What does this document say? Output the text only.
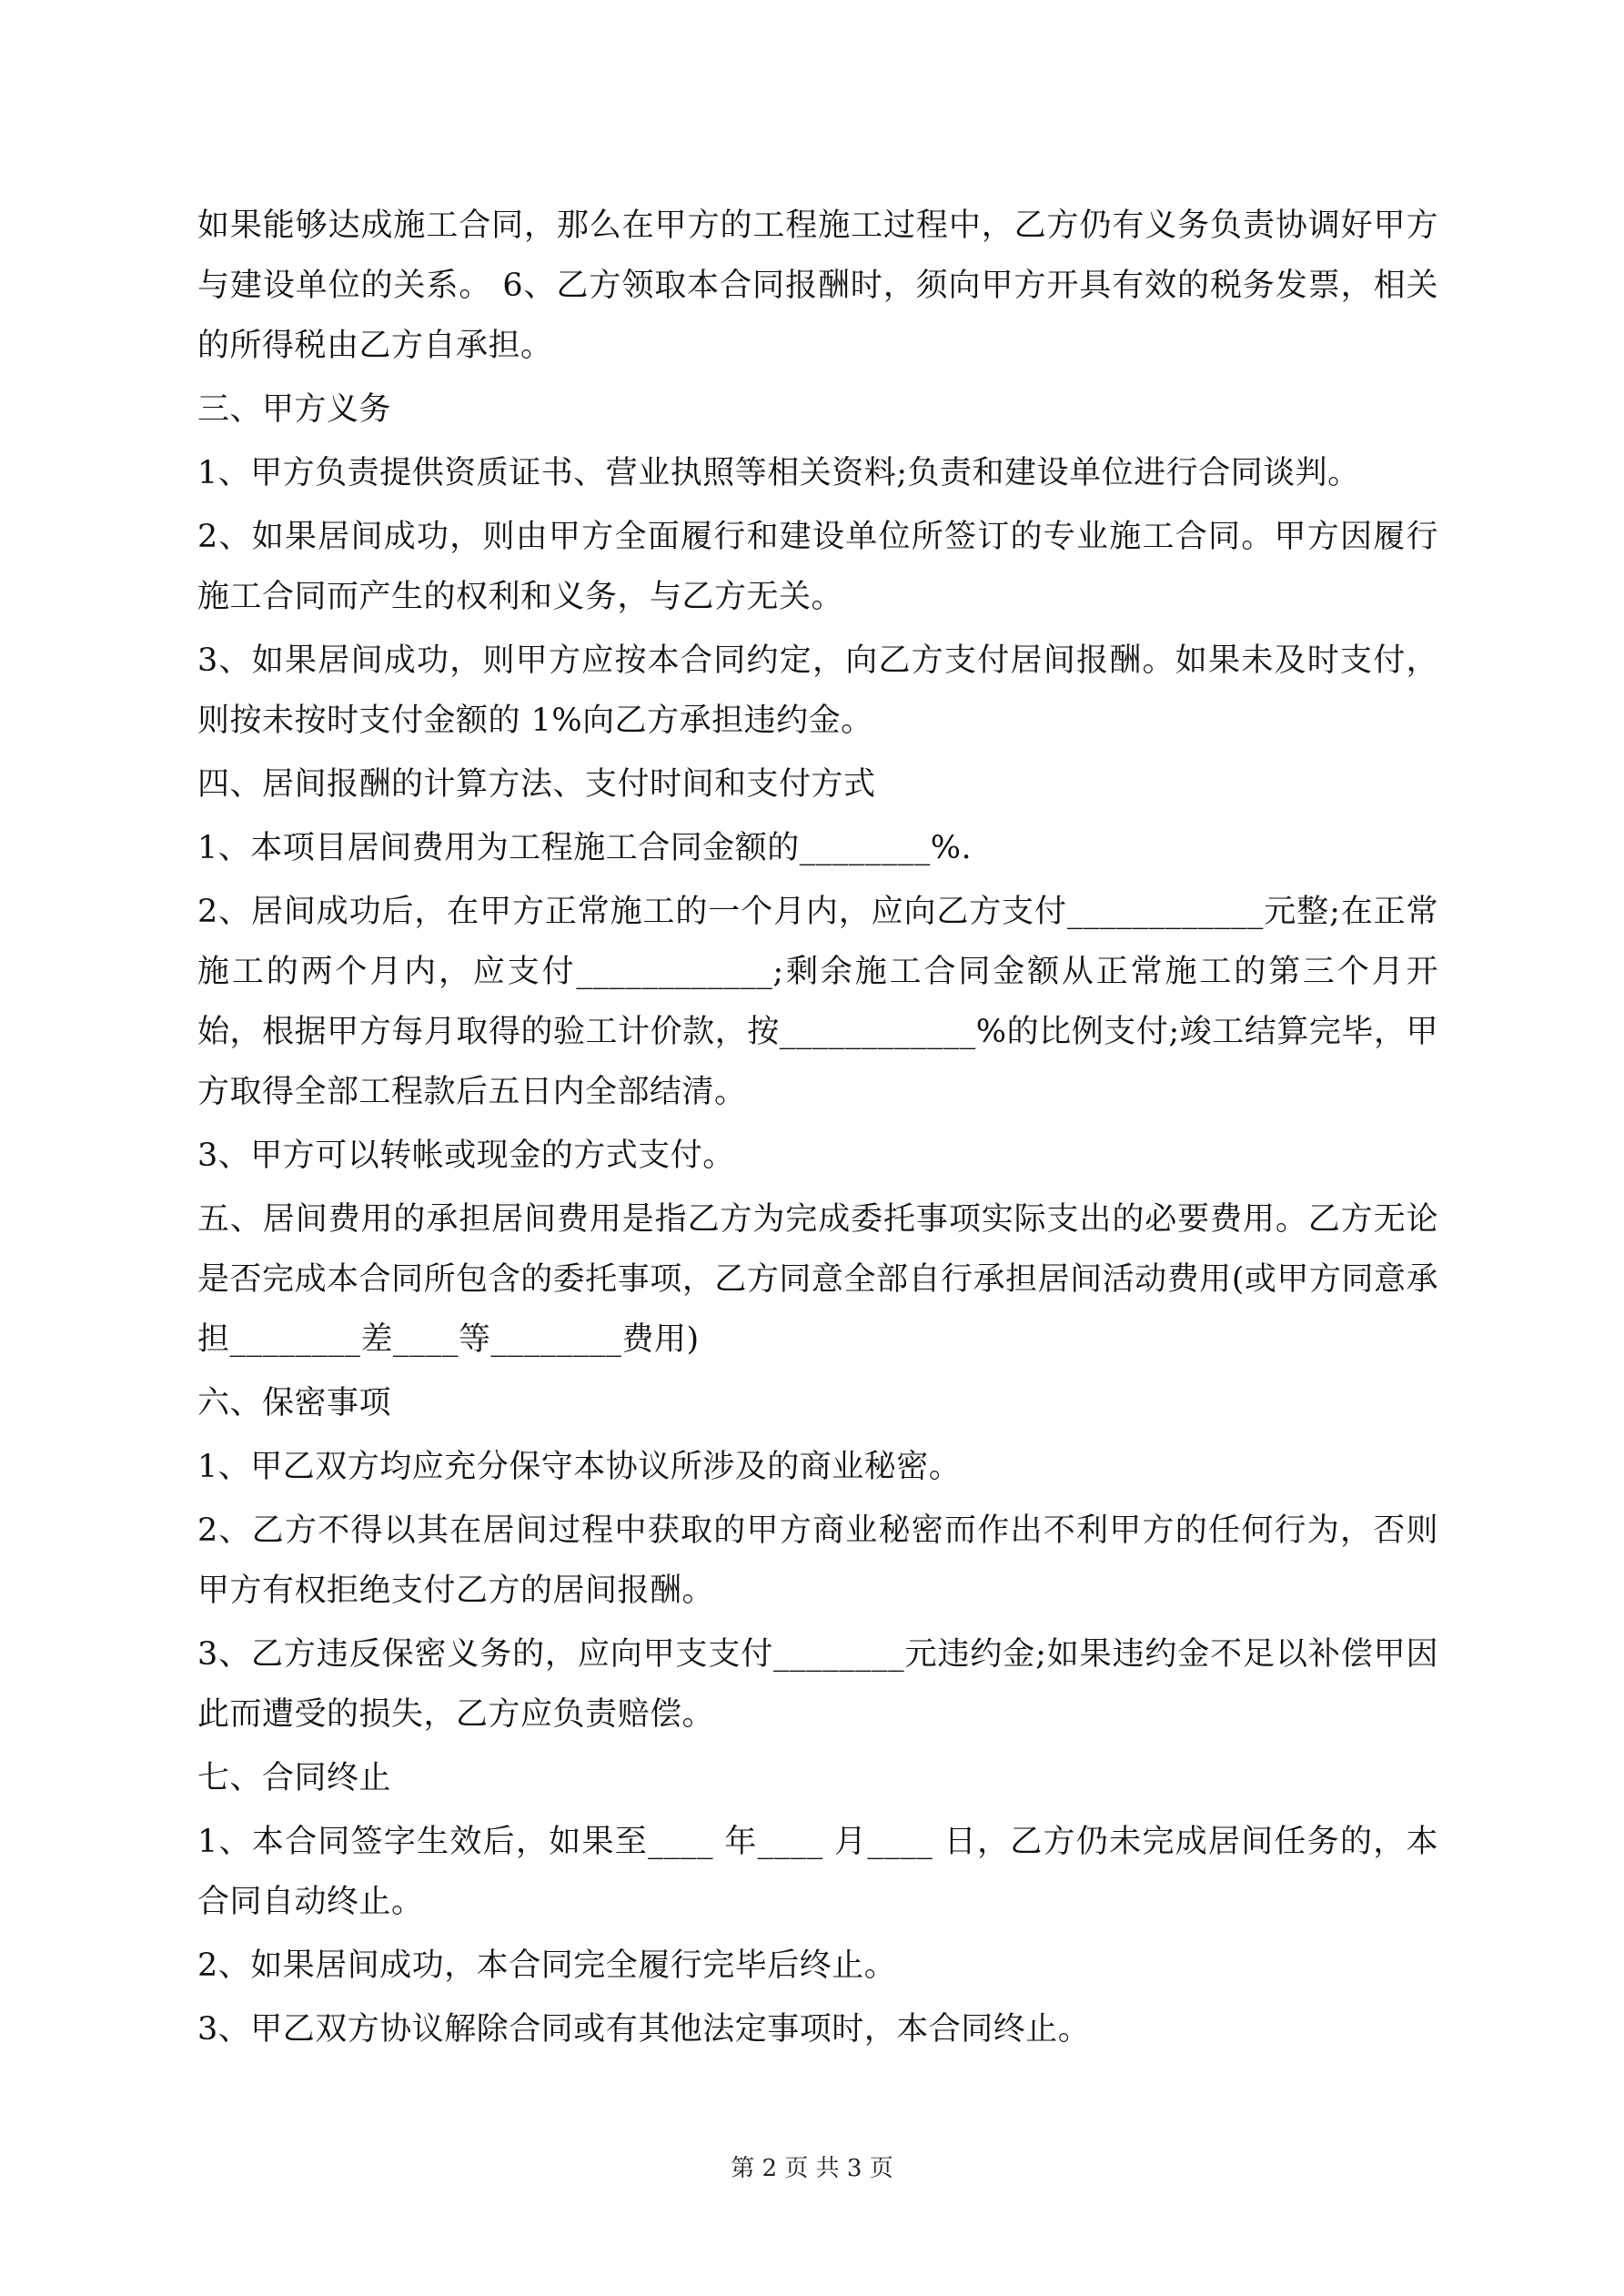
如果能够达成施工合同，那么在甲方的工程施工过程中，乙方仍有义务负责协调好甲方与建设单位的关系。 6、乙方领取本合同报酬时，须向甲方开具有效的税务发票，相关的所得税由乙方自承担。

三、甲方义务

1、甲方负责提供资质证书、营业执照等相关资料;负责和建设单位进行合同谈判。

2、如果居间成功，则由甲方全面履行和建设单位所签订的专业施工合同。甲方因履行施工合同而产生的权利和义务，与乙方无关。

3、如果居间成功，则甲方应按本合同约定，向乙方支付居间报酬。如果未及时支付，则按未按时支付金额的 1%向乙方承担违约金。

四、居间报酬的计算方法、支付时间和支付方式

1、本项目居间费用为工程施工合同金额的________%.

2、居间成功后，在甲方正常施工的一个月内，应向乙方支付____________元整;在正常施工的两个月内，应支付____________;剩余施工合同金额从正常施工的第三个月开始，根据甲方每月取得的验工计价款，按____________%的比例支付;竣工结算完毕，甲方取得全部工程款后五日内全部结清。

3、甲方可以转帐或现金的方式支付。

五、居间费用的承担居间费用是指乙方为完成委托事项实际支出的必要费用。乙方无论是否完成本合同所包含的委托事项，乙方同意全部自行承担居间活动费用(或甲方同意承担________差____等________费用)

六、保密事项

1、甲乙双方均应充分保守本协议所涉及的商业秘密。

2、乙方不得以其在居间过程中获取的甲方商业秘密而作出不利甲方的任何行为，否则甲方有权拒绝支付乙方的居间报酬。

3、乙方违反保密义务的，应向甲支支付________元违约金;如果违约金不足以补偿甲因此而遭受的损失，乙方应负责赔偿。

七、合同终止

1、本合同签字生效后，如果至____ 年____ 月____ 日，乙方仍未完成居间任务的，本合同自动终止。

2、如果居间成功，本合同完全履行完毕后终止。

3、甲乙双方协议解除合同或有其他法定事项时，本合同终止。

第 2 页 共 3 页
